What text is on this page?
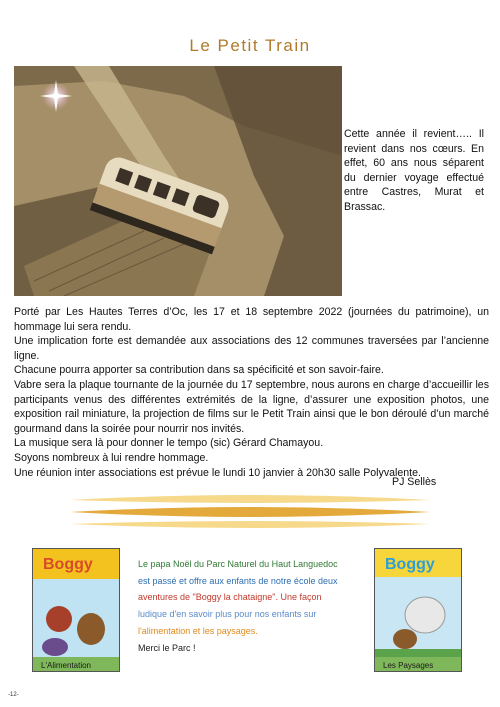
Le Petit Train

Cette année il revient….. Il revient dans nos cœurs. En effet, 60 ans nous séparent du dernier voyage effectué entre Castres, Murat et Brassac.

Porté par Les Hautes Terres d’Oc, les 17 et 18 septembre 2022 (journées du patrimoine), un hommage lui sera rendu.

Une implication forte est demandée aux associations des 12 communes traversées par l’ancienne ligne.

Chacune pourra apporter sa contribution dans sa spécificité et son savoir-faire.

Vabre sera la plaque tournante de la journée du 17 septembre, nous aurons en charge d’accueillir les participants venus des différentes extrémités de la ligne, d’assurer une exposition photos, une exposition rail miniature, la projection de films sur le Petit Train ainsi que le bon déroulé d’un marché gourmand dans la soirée pour nourrir nos invités.

La musique sera là pour donner le tempo (sic) Gérard Chamayou.

Soyons nombreux à lui rendre hommage.

Une réunion inter associations est prévue le lundi 10 janvier à 20h30 salle Polyvalente.

PJ Sellès
Boggy
L'Alimentation
Le papa Noël du Parc Naturel du Haut Languedoc
est passé et offre aux enfants de notre école deux
aventures de "Boggy la chataigne". Une façon
ludique d'en savoir plus pour nos enfants sur
l'alimentation et les paysages.
Merci le Parc !
Boggy
Les Paysages
-12-
